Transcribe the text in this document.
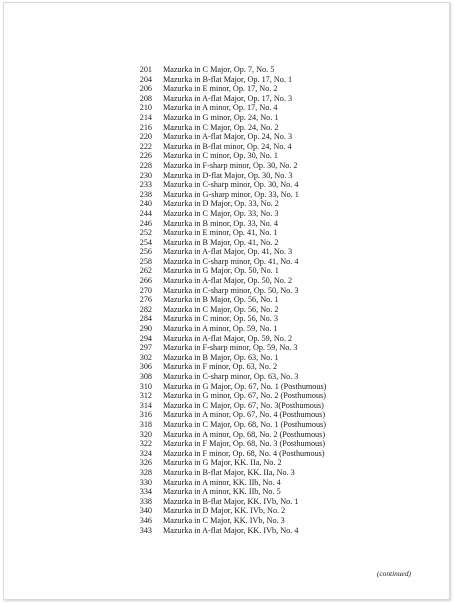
201	Mazurka in C Major, Op. 7, No. 5
204	Mazurka in B-flat Major, Op. 17, No. 1
206	Mazurka in E minor, Op. 17, No. 2
208	Mazurka in A-flat Major, Op. 17, No. 3
210	Mazurka in A minor, Op. 17, No. 4
214	Mazurka in G minor, Op. 24, No. 1
216	Mazurka in C Major, Op. 24, No. 2
220	Mazurka in A-flat Major, Op. 24, No. 3
222	Mazurka in B-flat minor, Op. 24, No. 4
226	Mazurka in C minor, Op. 30, No. 1
228	Mazurka in F-sharp minor, Op. 30, No. 2
230	Mazurka in D-flat Major, Op. 30, No. 3
233	Mazurka in C-sharp minor, Op. 30, No. 4
238	Mazurka in G-sharp minor, Op. 33, No. 1
240	Mazurka in D Major, Op. 33, No. 2
244	Mazurka in C Major, Op. 33, No. 3
246	Mazurka in B minor, Op. 33, No. 4
252	Mazurka in E minor, Op. 41, No. 1
254	Mazurka in B Major, Op. 41, No. 2
256	Mazurka in A-flat Major, Op. 41, No. 3
258	Mazurka in C-sharp minor, Op. 41, No. 4
262	Mazurka in G Major, Op. 50, No. 1
266	Mazurka in A-flat Major, Op. 50, No. 2
270	Mazurka in C-sharp minor, Op. 50, No. 3
276	Mazurka in B Major, Op. 56, No. 1
282	Mazurka in C Major, Op. 56, No. 2
284	Mazurka in C minor, Op. 56, No. 3
290	Mazurka in A minor, Op. 59, No. 1
294	Mazurka in A-flat Major, Op. 59, No. 2
297	Mazurka in F-sharp minor, Op. 59, No. 3
302	Mazurka in B Major, Op. 63, No. 1
306	Mazurka in F minor, Op. 63, No. 2
308	Mazurka in C-sharp minor, Op. 63, No. 3
310	Mazurka in G Major, Op. 67, No. 1 (Posthumous)
312	Mazurka in G minor, Op. 67, No. 2 (Posthumous)
314	Mazurka in C Major, Op. 67, No. 3(Posthumous)
316	Mazurka in A minor, Op. 67, No. 4 (Posthumous)
318	Mazurka in C Major, Op. 68, No. 1 (Posthumous)
320	Mazurka in A minor, Op. 68, No. 2 (Posthumous)
322	Mazurka in F Major, Op. 68, No. 3 (Posthumous)
324	Mazurka in F minor, Op. 68, No. 4 (Posthumous)
326	Mazurka in G Major, KK. IIa, No. 2
328	Mazurka in B-flat Major, KK. IIa, No. 3
330	Mazurka in A minor, KK. IIb, No. 4
334	Mazurka in A minor, KK. IIb, No. 5
338	Mazurka in B-flat Major, KK. IVb, No. 1
340	Mazurka in D Major, KK. IVb, No. 2
346	Mazurka in C Major, KK. IVb, No. 3
343	Mazurka in A-flat Major, KK. IVb, No. 4
(continued)
